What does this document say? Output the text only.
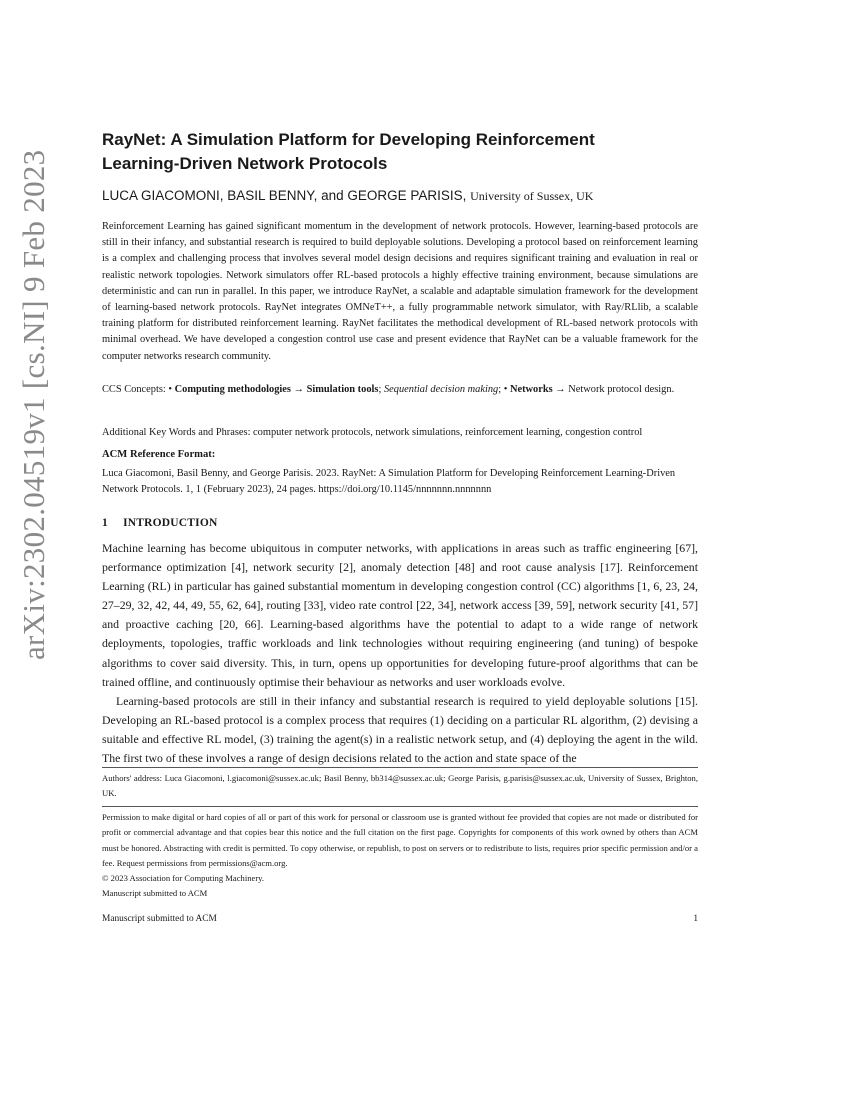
arXiv:2302.04519v1 [cs.NI] 9 Feb 2023
RayNet: A Simulation Platform for Developing Reinforcement
Learning-Driven Network Protocols
LUCA GIACOMONI, BASIL BENNY, and GEORGE PARISIS, University of Sussex, UK
Reinforcement Learning has gained significant momentum in the development of network protocols. However, learning-based protocols are still in their infancy, and substantial research is required to build deployable solutions. Developing a protocol based on reinforcement learning is a complex and challenging process that involves several model design decisions and requires significant training and evaluation in real or realistic network topologies. Network simulators offer RL-based protocols a highly effective training environment, because simulations are deterministic and can run in parallel. In this paper, we introduce RayNet, a scalable and adaptable simulation framework for the development of learning-based network protocols. RayNet integrates OMNeT++, a fully programmable network simulator, with Ray/RLlib, a scalable training platform for distributed reinforcement learning. RayNet facilitates the methodical development of RL-based network protocols with minimal overhead. We have developed a congestion control use case and present evidence that RayNet can be a valuable framework for the computer networks research community.
CCS Concepts: • Computing methodologies → Simulation tools; Sequential decision making; • Networks → Network protocol design.
Additional Key Words and Phrases: computer network protocols, network simulations, reinforcement learning, congestion control
ACM Reference Format:
Luca Giacomoni, Basil Benny, and George Parisis. 2023. RayNet: A Simulation Platform for Developing Reinforcement Learning-Driven Network Protocols. 1, 1 (February 2023), 24 pages. https://doi.org/10.1145/nnnnnnn.nnnnnnn
1 INTRODUCTION

Machine learning has become ubiquitous in computer networks, with applications in areas such as traffic engineering [67], performance optimization [4], network security [2], anomaly detection [48] and root cause analysis [17]. Reinforcement Learning (RL) in particular has gained substantial momentum in developing congestion control (CC) algorithms [1, 6, 23, 24, 27–29, 32, 42, 44, 49, 55, 62, 64], routing [33], video rate control [22, 34], network access [39, 59], network security [41, 57] and proactive caching [20, 66]. Learning-based algorithms have the potential to adapt to a wide range of network deployments, topologies, traffic workloads and link technologies without requiring engineering (and tuning) of bespoke algorithms to cover said diversity. This, in turn, opens up opportunities for developing future-proof algorithms that can be trained offline, and continuously optimise their behaviour as networks and user workloads evolve.

Learning-based protocols are still in their infancy and substantial research is required to yield deployable solutions [15]. Developing an RL-based protocol is a complex process that requires (1) deciding on a particular RL algorithm, (2) devising a suitable and effective RL model, (3) training the agent(s) in a realistic network setup, and (4) deploying the agent in the wild. The first two of these involves a range of design decisions related to the action and state space of the

Authors' address: Luca Giacomoni, l.giacomoni@sussex.ac.uk; Basil Benny, bb314@sussex.ac.uk; George Parisis, g.parisis@sussex.ac.uk, University of Sussex, Brighton, UK.
Permission to make digital or hard copies of all or part of this work for personal or classroom use is granted without fee provided that copies are not made or distributed for profit or commercial advantage and that copies bear this notice and the full citation on the first page. Copyrights for components of this work owned by others than ACM must be honored. Abstracting with credit is permitted. To copy otherwise, or republish, to post on servers or to redistribute to lists, requires prior specific permission and/or a fee. Request permissions from permissions@acm.org.
© 2023 Association for Computing Machinery.
Manuscript submitted to ACM
Manuscript submitted to ACM	1
